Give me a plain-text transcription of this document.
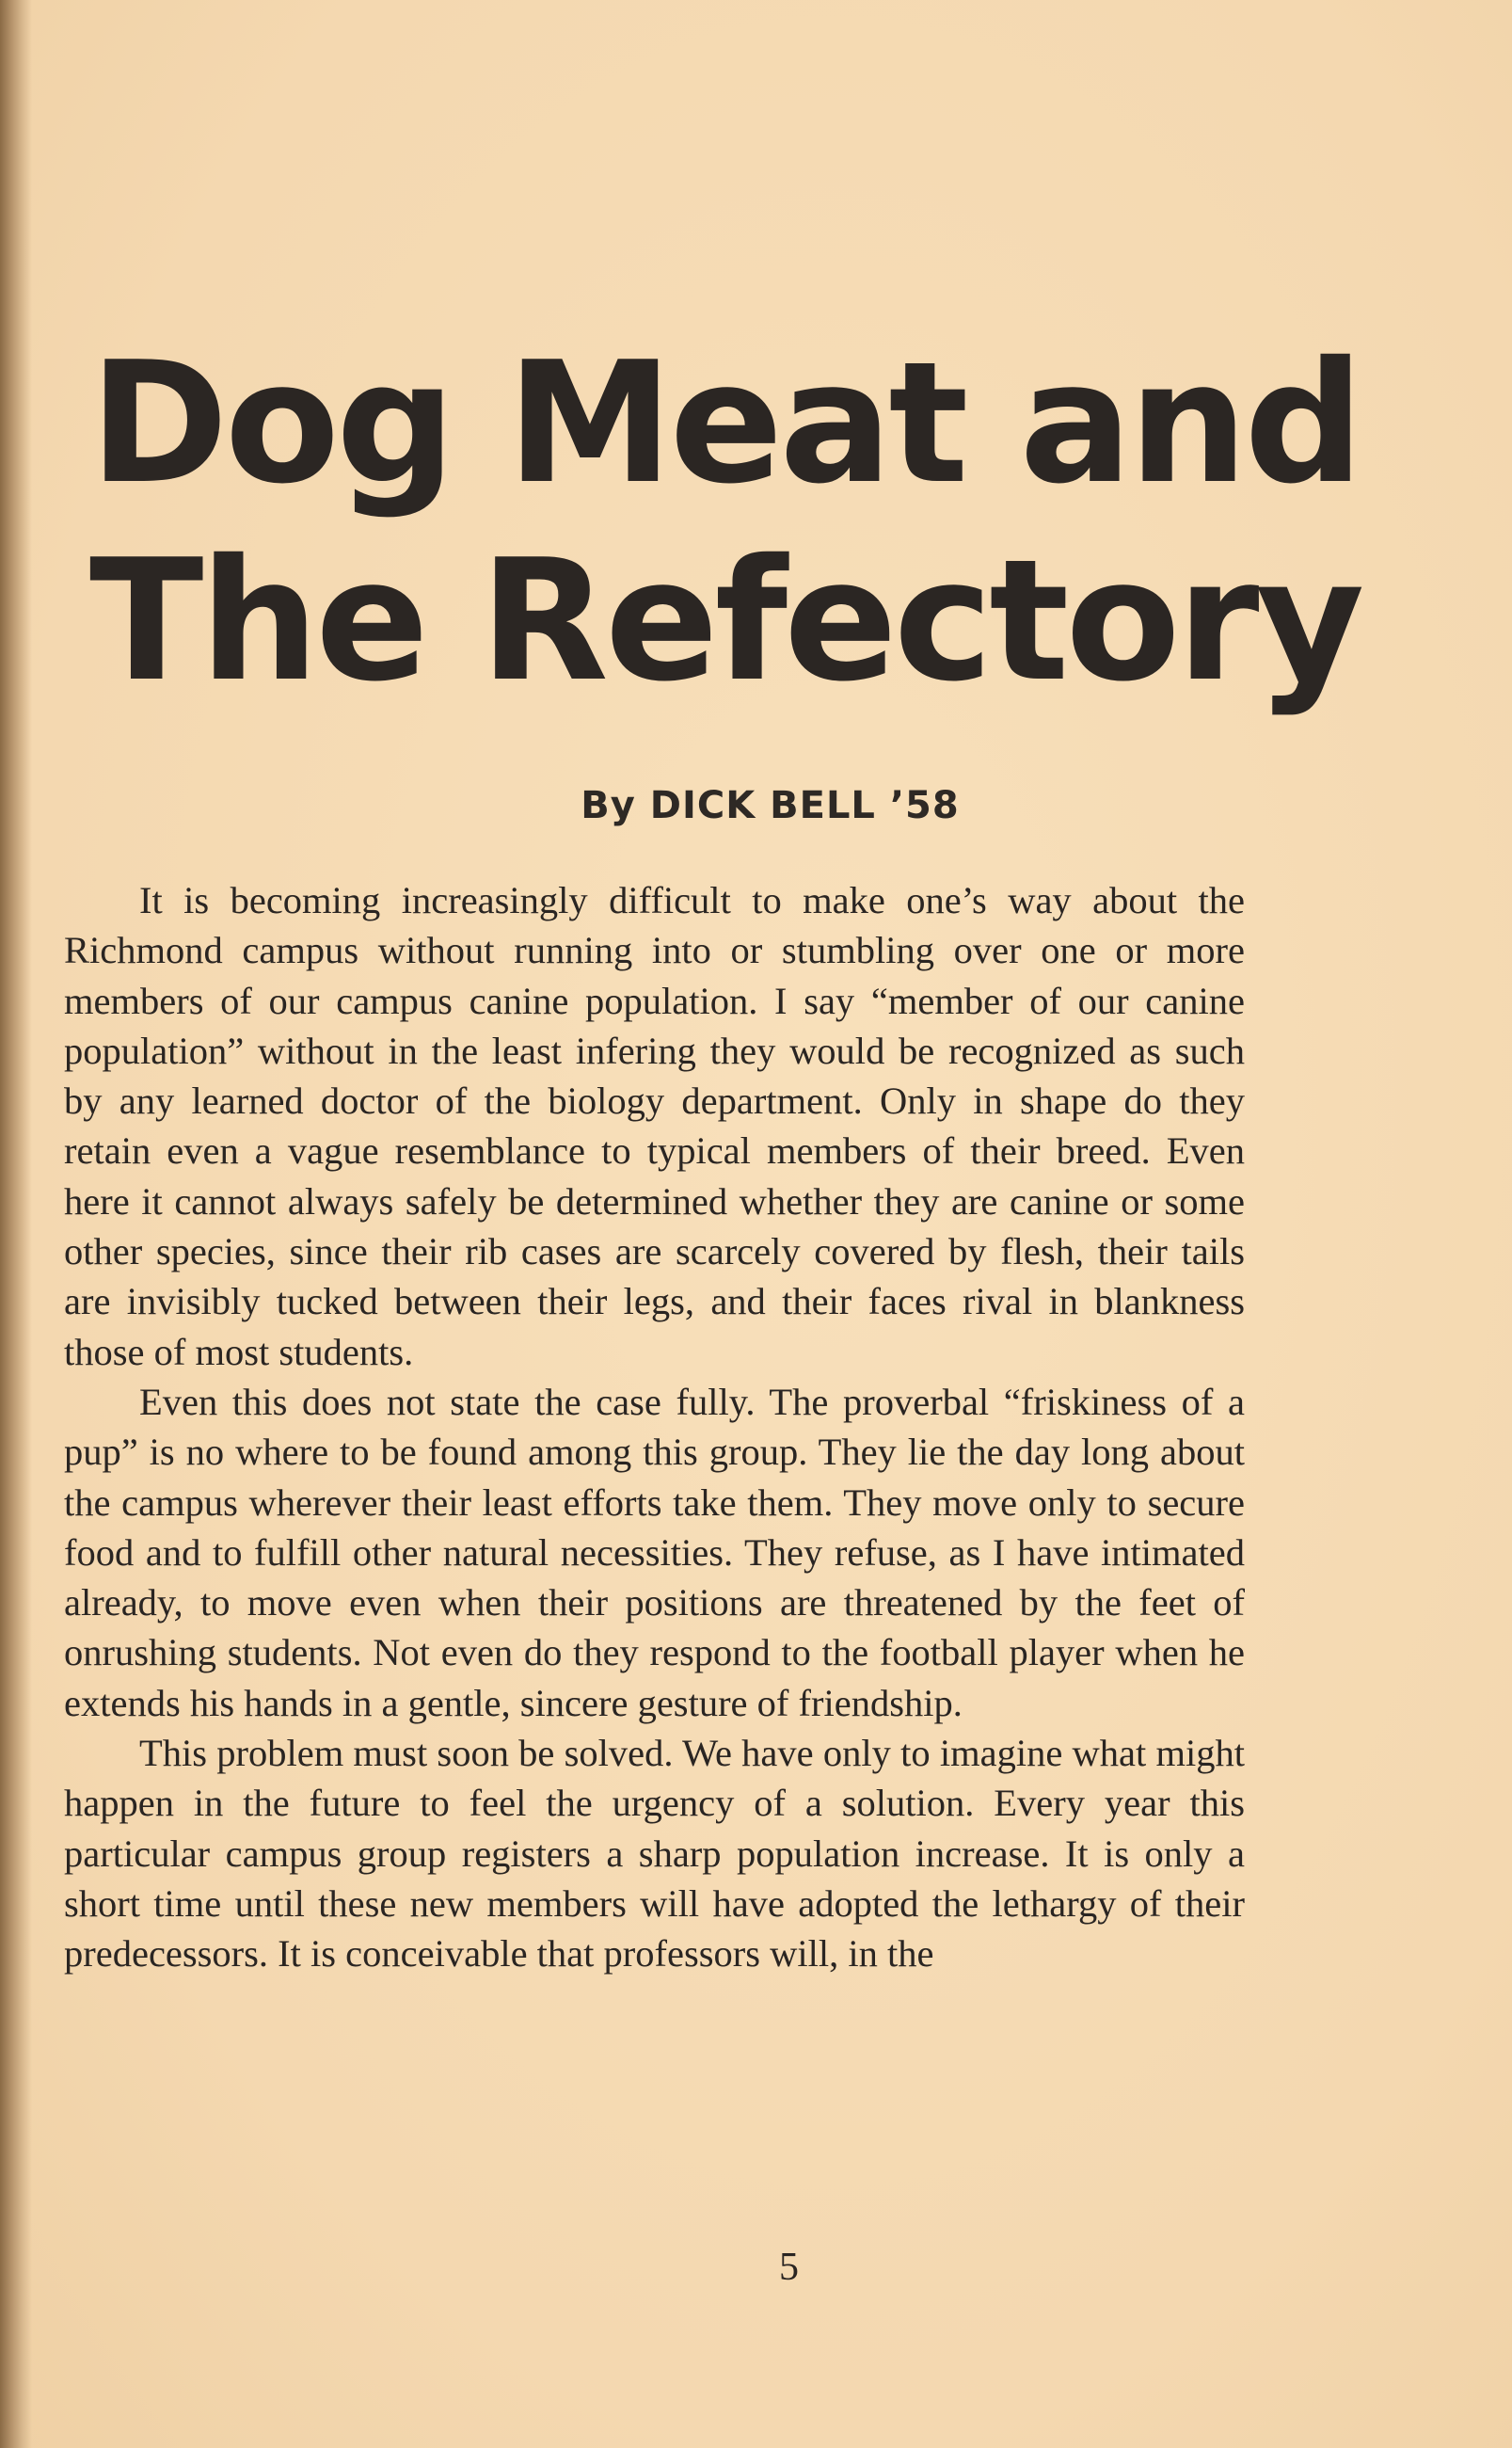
Dog Meat and
The Refectory
By DICK BELL ’58

It is becoming increasingly difficult to make one’s way about the Richmond campus without running into or stumbling over one or more members of our campus canine population. I say “member of our canine population” without in the least infering they would be recognized as such by any learned doctor of the biology department. Only in shape do they retain even a vague resemblance to typical members of their breed. Even here it cannot always safely be determined whether they are canine or some other species, since their rib cases are scarcely covered by flesh, their tails are invisibly tucked between their legs, and their faces rival in blankness those of most students.

Even this does not state the case fully. The proverbal “friskiness of a pup” is no where to be found among this group. They lie the day long about the campus wherever their least efforts take them. They move only to secure food and to fulfill other natural necessities. They refuse, as I have intimated already, to move even when their positions are threatened by the feet of onrushing students. Not even do they respond to the football player when he extends his hands in a gentle, sincere gesture of friendship.

This problem must soon be solved. We have only to imagine what might happen in the future to feel the urgency of a solution. Every year this particular campus group registers a sharp population increase. It is only a short time until these new members will have adopted the lethargy of their predecessors. It is conceivable that professors will, in the

5
